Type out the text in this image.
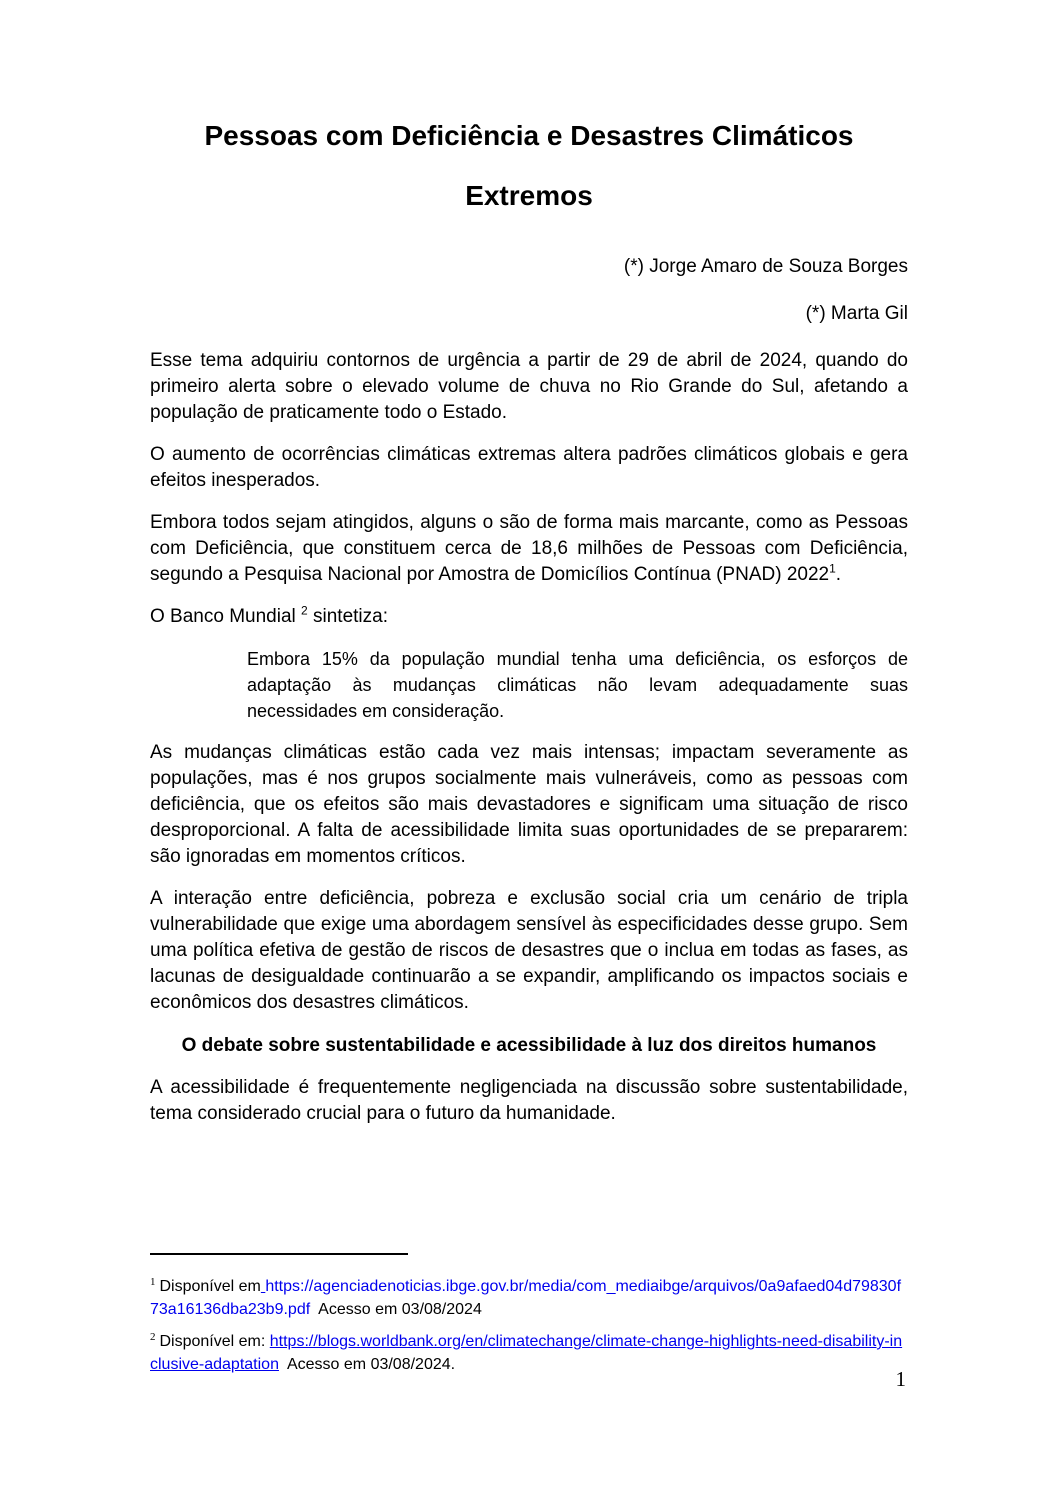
Pessoas com Deficiência e Desastres Climáticos Extremos

(*) Jorge Amaro de Souza Borges

(*) Marta Gil

Esse tema adquiriu contornos de urgência a partir de 29 de abril de 2024, quando do primeiro alerta sobre o elevado volume de chuva no Rio Grande do Sul, afetando a população de praticamente todo o Estado.

O aumento de ocorrências climáticas extremas altera padrões climáticos globais e gera efeitos inesperados.

Embora todos sejam atingidos, alguns o são de forma mais marcante, como as Pessoas com Deficiência, que constituem cerca de 18,6 milhões de Pessoas com Deficiência, segundo a Pesquisa Nacional por Amostra de Domicílios Contínua (PNAD) 2022$^1$.

O Banco Mundial $^2$ sintetiza:

Embora 15% da população mundial tenha uma deficiência, os esforços de adaptação às mudanças climáticas não levam adequadamente suas necessidades em consideração.

As mudanças climáticas estão cada vez mais intensas; impactam severamente as populações, mas é nos grupos socialmente mais vulneráveis, como as pessoas com deficiência, que os efeitos são mais devastadores e significam uma situação de risco desproporcional. A falta de acessibilidade limita suas oportunidades de se prepararem: são ignoradas em momentos críticos.

A interação entre deficiência, pobreza e exclusão social cria um cenário de tripla vulnerabilidade que exige uma abordagem sensível às especificidades desse grupo. Sem uma política efetiva de gestão de riscos de desastres que o inclua em todas as fases, as lacunas de desigualdade continuarão a se expandir, amplificando os impactos sociais e econômicos dos desastres climáticos.

O debate sobre sustentabilidade e acessibilidade à luz dos direitos humanos

A acessibilidade é frequentemente negligenciada na discussão sobre sustentabilidade, tema considerado crucial para o futuro da humanidade.

$^1$ Disponível em https://agenciadenoticias.ibge.gov.br/media/com_mediaibge/arquivos/0a9afaed04d79830f73a16136dba23b9.pdf  Acesso em 03/08/2024

$^2$ Disponível em: https://blogs.worldbank.org/en/climatechange/climate-change-highlights-need-disability-inclusive-adaptation  Acesso em 03/08/2024.

1
